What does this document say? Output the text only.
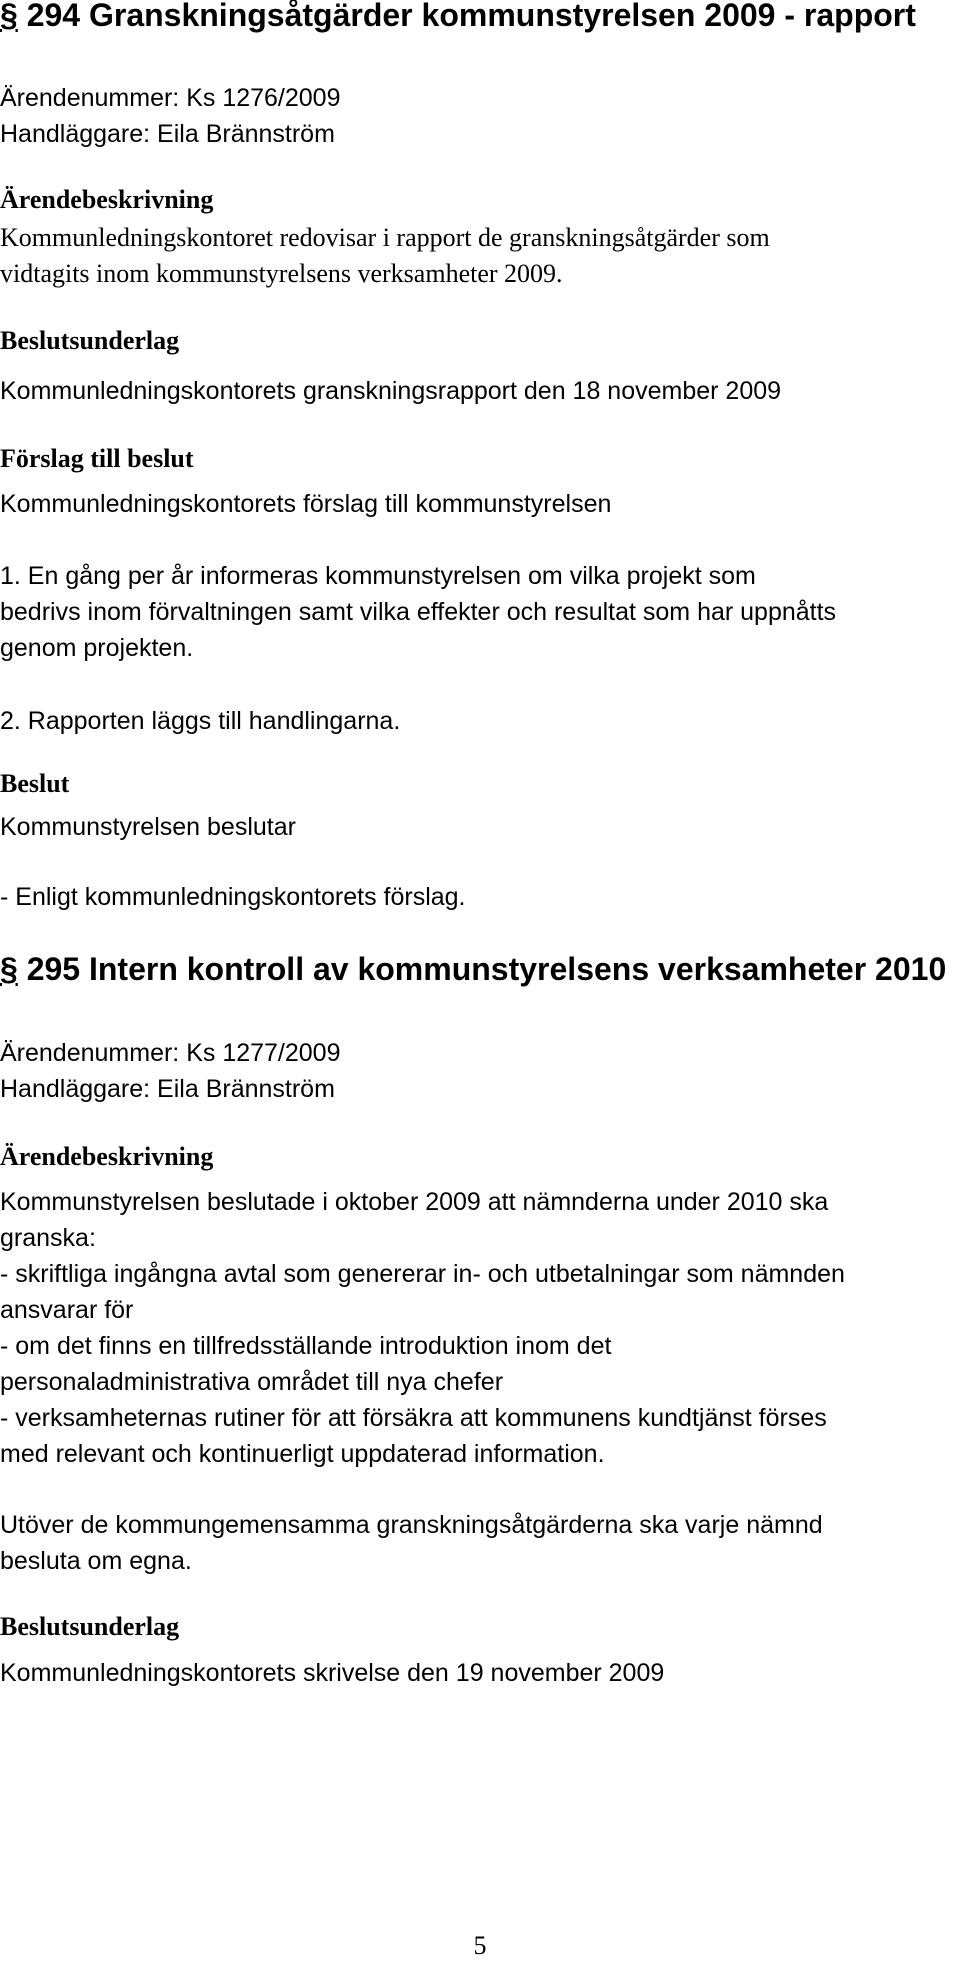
§ 294 Granskningsåtgärder kommunstyrelsen 2009 - rapport
Ärendenummer: Ks 1276/2009
Handläggare: Eila Brännström
Ärendebeskrivning
Kommunledningskontoret redovisar i rapport de granskningsåtgärder som
vidtagits inom kommunstyrelsens verksamheter 2009.
Beslutsunderlag
Kommunledningskontorets granskningsrapport den 18 november 2009
Förslag till beslut
Kommunledningskontorets förslag till kommunstyrelsen
1. En gång per år informeras kommunstyrelsen om vilka projekt som
bedrivs inom förvaltningen samt vilka effekter och resultat som har uppnåtts
genom projekten.
2. Rapporten läggs till handlingarna.
Beslut
Kommunstyrelsen beslutar
- Enligt kommunledningskontorets förslag.
§ 295 Intern kontroll av kommunstyrelsens verksamheter 2010
Ärendenummer: Ks 1277/2009
Handläggare: Eila Brännström
Ärendebeskrivning
Kommunstyrelsen beslutade i oktober 2009 att nämnderna under 2010 ska
granska:
- skriftliga ingångna avtal som genererar in- och utbetalningar som nämnden
ansvarar för
- om det finns en tillfredsställande introduktion inom det
personaladministrativa området till nya chefer
- verksamheternas rutiner för att försäkra att kommunens kundtjänst förses
med relevant och kontinuerligt uppdaterad information.
Utöver de kommungemensamma granskningsåtgärderna ska varje nämnd
besluta om egna.
Beslutsunderlag
Kommunledningskontorets skrivelse den 19 november 2009
5
